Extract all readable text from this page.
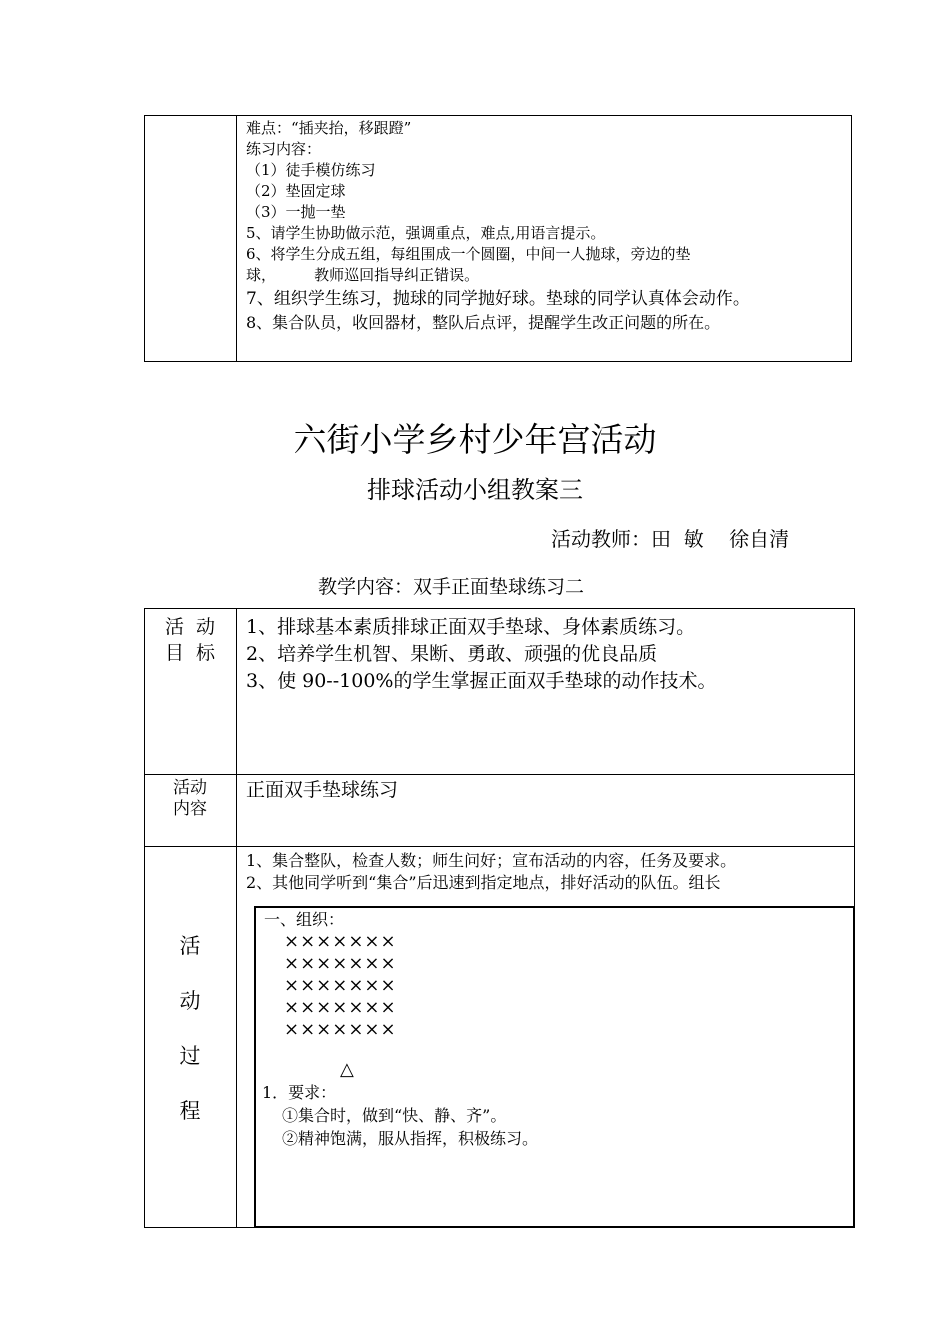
难点：“插夹抬，移跟蹬”
练习内容：
（1）徒手模仿练习
（2）垫固定球
（3）一抛一垫
5、请学生协助做示范，强调重点，难点,用语言提示。
6、将学生分成五组，每组围成一个圆圈，中间一人抛球，旁边的垫
球，        教师巡回指导纠正错误。
7、组织学生练习，抛球的同学抛好球。垫球的同学认真体会动作。
8、集合队员，收回器材，整队后点评，提醒学生改正问题的所在。
六街小学乡村少年宫活动
排球活动小组教案三
活动教师：田  敏    徐自清
教学内容：双手正面垫球练习二
活  动
目  标
1、排球基本素质排球正面双手垫球、身体素质练习。
2、培养学生机智、果断、勇敢、顽强的优良品质
3、使 90--100%的学生掌握正面双手垫球的动作技术。
活动
内容
正面双手垫球练习
活
动
过
程
1、集合整队，检查人数；师生问好；宣布活动的内容，任务及要求。
2、其他同学听到“集合”后迅速到指定地点，排好活动的队伍。组长
一、组织：
×××××××
×××××××
×××××××
×××××××
×××××××
△
1．要求：
①集合时，做到“快、静、齐”。
②精神饱满，服从指挥，积极练习。
